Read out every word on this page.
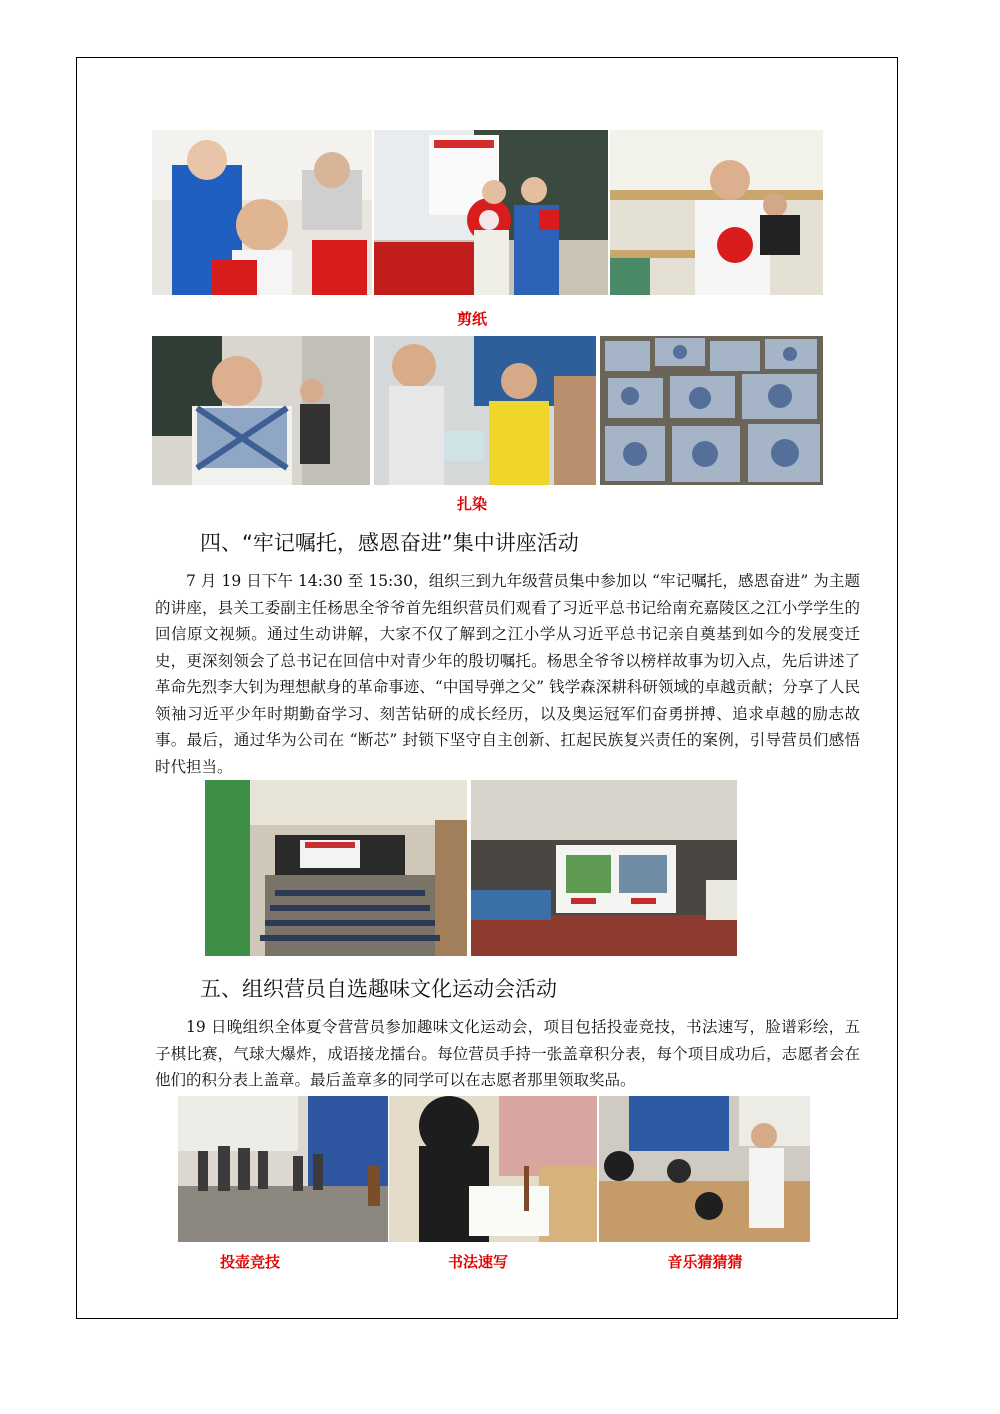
剪纸
扎染
四、“牢记嘱托，感恩奋进”集中讲座活动
7 月 19 日下午 14:30 至 15:30，组织三到九年级营员集中参加以 “牢记嘱托，感恩奋进” 为主题的讲座，县关工委副主任杨思全爷爷首先组织营员们观看了习近平总书记给南充嘉陵区之江小学学生的回信原文视频。通过生动讲解，大家不仅了解到之江小学从习近平总书记亲自奠基到如今的发展变迁史，更深刻领会了总书记在回信中对青少年的殷切嘱托。杨思全爷爷以榜样故事为切入点，先后讲述了革命先烈李大钊为理想献身的革命事迹、“中国导弹之父” 钱学森深耕科研领域的卓越贡献；分享了人民领袖习近平少年时期勤奋学习、刻苦钻研的成长经历，以及奥运冠军们奋勇拼搏、追求卓越的励志故事。最后，通过华为公司在 “断芯” 封锁下坚守自主创新、扛起民族复兴责任的案例，引导营员们感悟时代担当。
五、组织营员自选趣味文化运动会活动
19 日晚组织全体夏令营营员参加趣味文化运动会，项目包括投壶竞技，书法速写，脸谱彩绘，五子棋比赛，气球大爆炸，成语接龙擂台。每位营员手持一张盖章积分表，每个项目成功后，志愿者会在他们的积分表上盖章。最后盖章多的同学可以在志愿者那里领取奖品。
投壶竞技	书法速写	音乐猜猜猜
